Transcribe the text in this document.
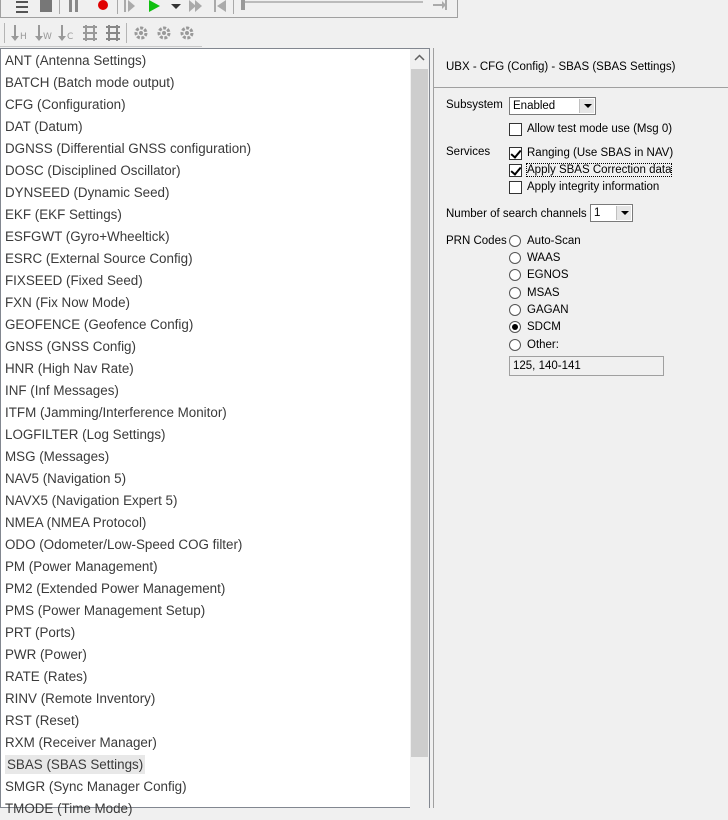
H W C
ANT (Antenna Settings)
BATCH (Batch mode output)
CFG (Configuration)
DAT (Datum)
DGNSS (Differential GNSS configuration)
DOSC (Disciplined Oscillator)
DYNSEED (Dynamic Seed)
EKF (EKF Settings)
ESFGWT (Gyro+Wheeltick)
ESRC (External Source Config)
FIXSEED (Fixed Seed)
FXN (Fix Now Mode)
GEOFENCE (Geofence Config)
GNSS (GNSS Config)
HNR (High Nav Rate)
INF (Inf Messages)
ITFM (Jamming/Interference Monitor)
LOGFILTER (Log Settings)
MSG (Messages)
NAV5 (Navigation 5)
NAVX5 (Navigation Expert 5)
NMEA (NMEA Protocol)
ODO (Odometer/Low-Speed COG filter)
PM (Power Management)
PM2 (Extended Power Management)
PMS (Power Management Setup)
PRT (Ports)
PWR (Power)
RATE (Rates)
RINV (Remote Inventory)
RST (Reset)
RXM (Receiver Manager)
SBAS (SBAS Settings)
SMGR (Sync Manager Config)
TMODE (Time Mode)
UBX - CFG (Config) - SBAS (SBAS Settings)
Subsystem Enabled
Allow test mode use (Msg 0)
Services	Ranging (Use SBAS in NAV)
Apply SBAS Correction data
Apply integrity information
Number of search channels 1
PRN Codes Auto-Scan
WAAS
EGNOS
MSAS
GAGAN
SDCM
Other:
125, 140-141
